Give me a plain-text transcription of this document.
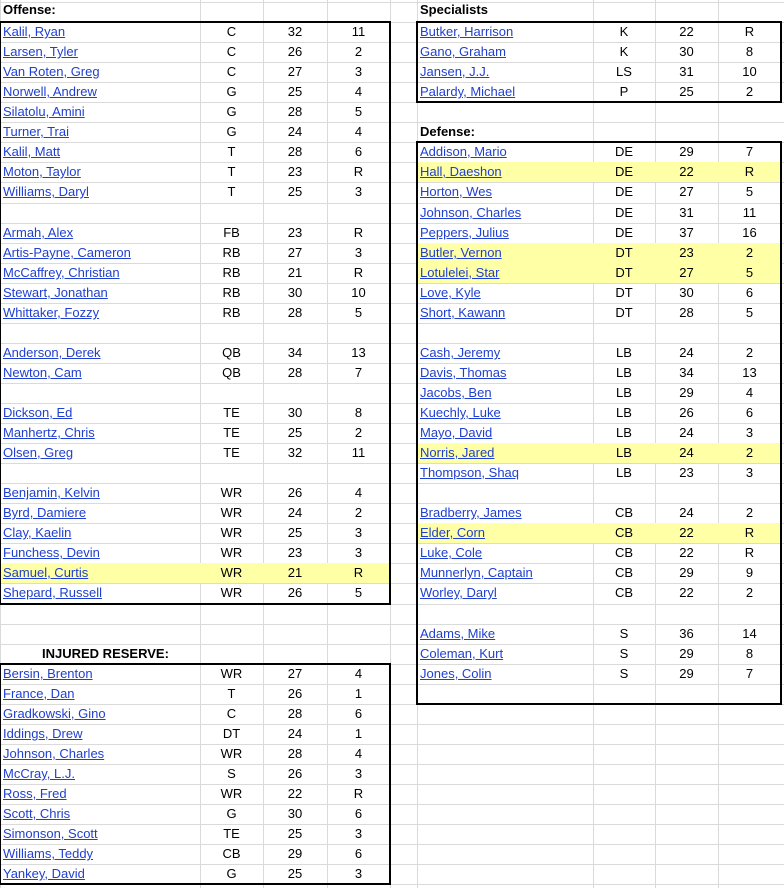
Offense:	Specialists
Defense:
INJURED RESERVE:
Kalil, Ryan	C	32	11
Larsen, Tyler	C	26	2
Van Roten, Greg	C	27	3
Norwell, Andrew	G	25	4
Silatolu, Amini	G	28	5
Turner, Trai	G	24	4
Kalil, Matt	T	28	6
Moton, Taylor	T	23	R
Williams, Daryl	T	25	3
Armah, Alex	FB	23	R
Artis-Payne, Cameron	RB	27	3
McCaffrey, Christian	RB	21	R
Stewart, Jonathan	RB	30	10
Whittaker, Fozzy	RB	28	5
Anderson, Derek	QB	34	13
Newton, Cam	QB	28	7
Dickson, Ed	TE	30	8
Manhertz, Chris	TE	25	2
Olsen, Greg	TE	32	11
Benjamin, Kelvin	WR	26	4
Byrd, Damiere	WR	24	2
Clay, Kaelin	WR	25	3
Funchess, Devin	WR	23	3
Samuel, Curtis	WR	21	R
Shepard, Russell	WR	26	5
Butker, Harrison	K	22	R
Gano, Graham	K	30	8
Jansen, J.J.	LS	31	10
Palardy, Michael	P	25	2
Addison, Mario	DE	29	7
Hall, Daeshon	DE	22	R
Horton, Wes	DE	27	5
Johnson, Charles	DE	31	11
Peppers, Julius	DE	37	16
Butler, Vernon	DT	23	2
Lotulelei, Star	DT	27	5
Love, Kyle	DT	30	6
Short, Kawann	DT	28	5
Cash, Jeremy	LB	24	2
Davis, Thomas	LB	34	13
Jacobs, Ben	LB	29	4
Kuechly, Luke	LB	26	6
Mayo, David	LB	24	3
Norris, Jared	LB	24	2
Thompson, Shaq	LB	23	3
Bradberry, James	CB	24	2
Elder, Corn	CB	22	R
Luke, Cole	CB	22	R
Munnerlyn, Captain	CB	29	9
Worley, Daryl	CB	22	2
Adams, Mike	S	36	14
Coleman, Kurt	S	29	8
Jones, Colin	S	29	7
Bersin, Brenton	WR	27	4
France, Dan	T	26	1
Gradkowski, Gino	C	28	6
Iddings, Drew	DT	24	1
Johnson, Charles	WR	28	4
McCray, L.J.	S	26	3
Ross, Fred	WR	22	R
Scott, Chris	G	30	6
Simonson, Scott	TE	25	3
Williams, Teddy	CB	29	6
Yankey, David	G	25	3
